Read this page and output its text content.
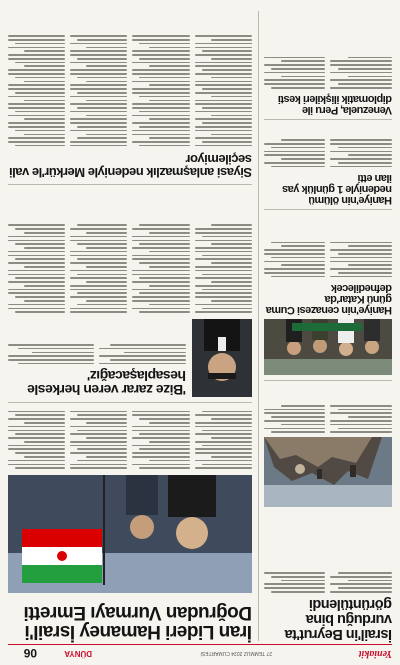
Yeniakit
27 TEMMUZ 2024 CUMARTESİ
DÜNYA
06
İsrail'in Beyrut'ta vurduğu bina görüntülendi
Haniye'nin cenazesi Cuma günü Katar'da defnedilecek
Haniye'nin ölümü nedeniyle 1 günlük yas ilan etti
Venezuela, Peru ile diplomatik ilişkileri kesti
İran Lideri Hamaney İsrail'i Doğrudan Vurmayı Emretti
'Bize zarar veren herkesle hesaplaşacağız'
Siyasi anlaşmazlık nedeniyle Merkür'le vali seçilemiyor
